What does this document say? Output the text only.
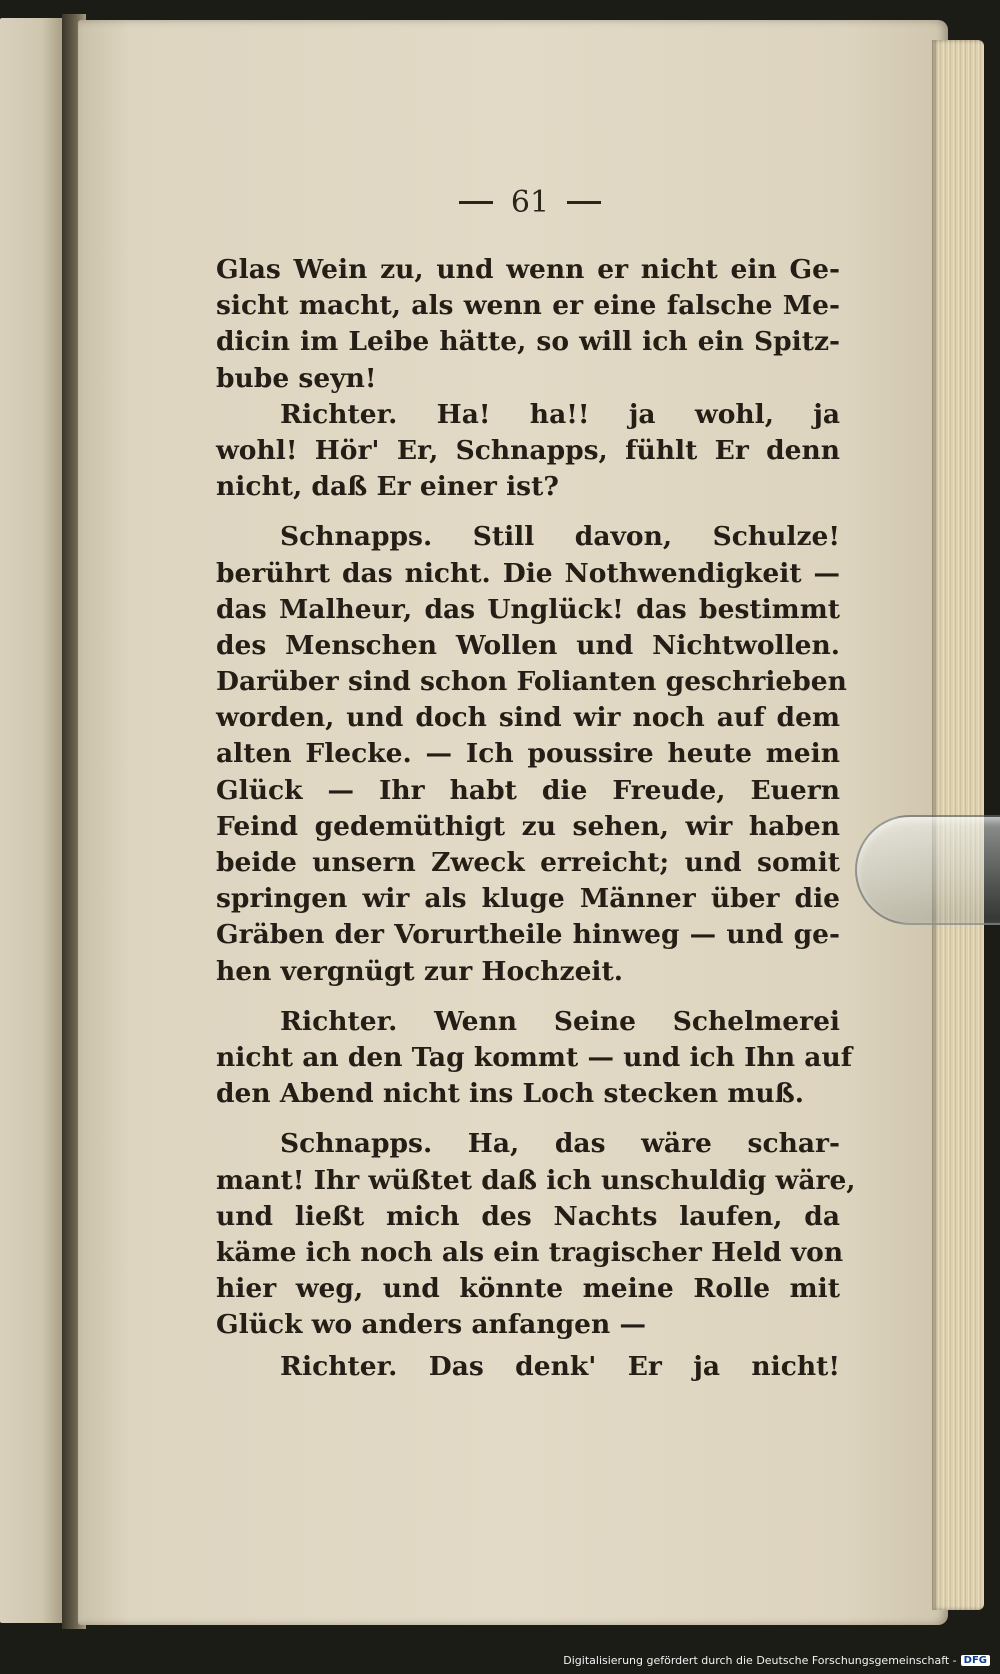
61
Glas Wein zu, und wenn er nicht ein Ge-
sicht macht, als wenn er eine falsche Me-
dicin im Leibe hätte, so will ich ein Spitz-
bube seyn!
Richter. Ha! ha!! ja wohl, ja
wohl! Hör' Er, Schnapps, fühlt Er denn
nicht, daß Er einer ist?
Schnapps. Still davon, Schulze!
berührt das nicht. Die Nothwendigkeit —
das Malheur, das Unglück! das bestimmt
des Menschen Wollen und Nichtwollen.
Darüber sind schon Folianten geschrieben
worden, und doch sind wir noch auf dem
alten Flecke. — Ich poussire heute mein
Glück — Ihr habt die Freude, Euern
Feind gedemüthigt zu sehen, wir haben
beide unsern Zweck erreicht; und somit
springen wir als kluge Männer über die
Gräben der Vorurtheile hinweg — und ge-
hen vergnügt zur Hochzeit.
Richter. Wenn Seine Schelmerei
nicht an den Tag kommt — und ich Ihn auf
den Abend nicht ins Loch stecken muß.
Schnapps. Ha, das wäre schar-
mant! Ihr wüßtet daß ich unschuldig wäre,
und ließt mich des Nachts laufen, da
käme ich noch als ein tragischer Held von
hier weg, und könnte meine Rolle mit
Glück wo anders anfangen —
Richter. Das denk' Er ja nicht!
Digitalisierung gefördert durch die Deutsche Forschungsgemeinschaft - DFG
